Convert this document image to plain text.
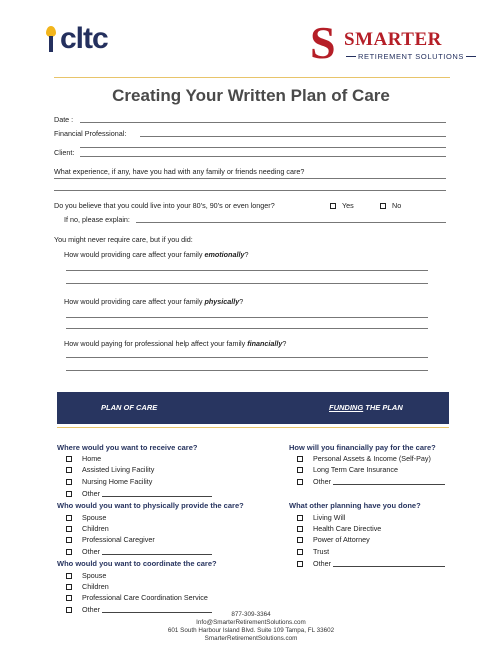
cltc	S SMARTER
RETIREMENT SOLUTIONS
Creating Your Written Plan of Care
Date :
Financial Professional:
Client:
What experience, if any, have you had with any family or friends needing care?
Do you believe that you could live into your 80’s, 90’s or even longer?	Yes	No
If no, please explain:
You might never require care, but if you did:
How would providing care affect your family emotionally?
How would providing care affect your family physically?
How would paying for professional help affect your family financially?
PLAN OF CARE	FUNDING THE PLAN
Where would you want to receive care?
Home
Assisted Living Facility
Nursing Home Facility
Other
Who would you want to physically provide the care?
Spouse
Children
Professional Caregiver
Other
Who would you want to coordinate the care?
Spouse
Children
Professional Care Coordination Service
Other
How will you financially pay for the care?
Personal Assets & Income (Self-Pay)
Long Term Care Insurance
Other
What other planning have you done?
Living Will
Health Care Directive
Power of Attorney
Trust
Other
877-309-3364
Info@SmarterRetirementSolutions.com
601 South Harbour Island Blvd. Suite 109 Tampa, FL 33602
SmarterRetirementSolutions.com
